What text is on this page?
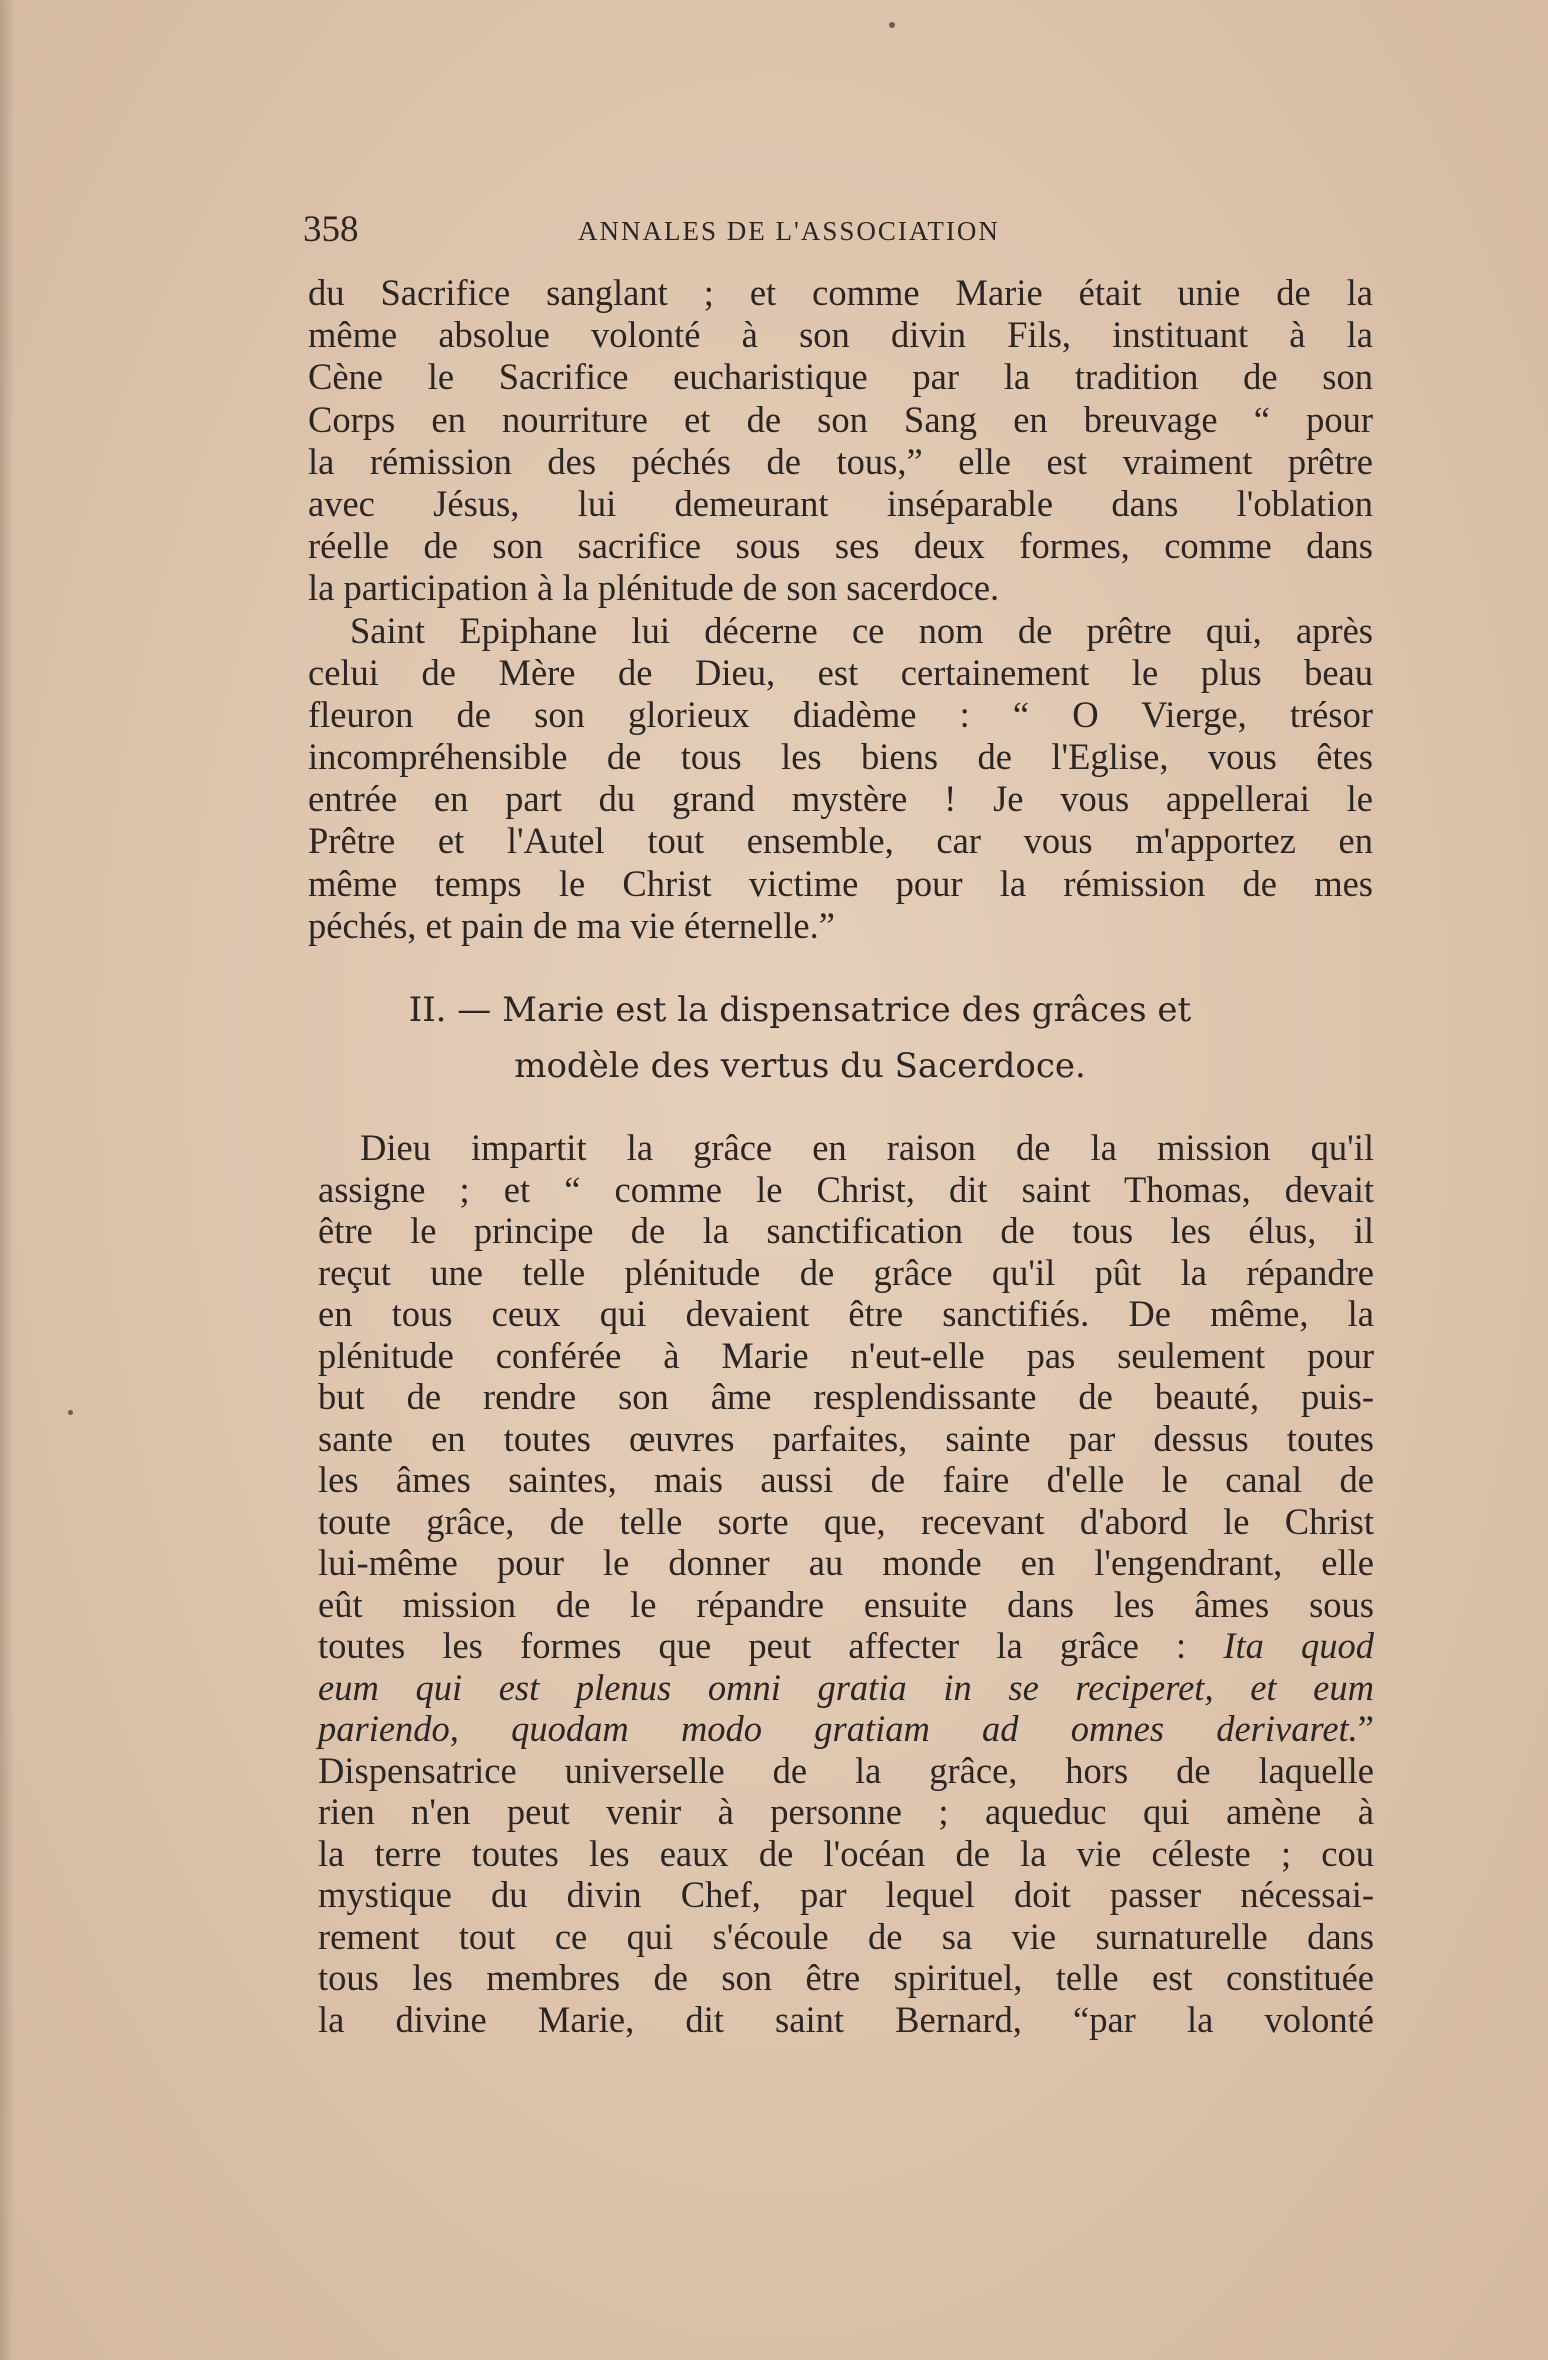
358	ANNALES DE L'ASSOCIATION
du Sacrifice sanglant ; et comme Marie était unie de la
même absolue volonté à son divin Fils, instituant à la
Cène le Sacrifice eucharistique par la tradition de son
Corps en nourriture et de son Sang en breuvage “ pour
la rémission des péchés de tous,” elle est vraiment prêtre
avec Jésus, lui demeurant inséparable dans l'oblation
réelle de son sacrifice sous ses deux formes, comme dans
la participation à la plénitude de son sacerdoce.
Saint Epiphane lui décerne ce nom de prêtre qui, après
celui de Mère de Dieu, est certainement le plus beau
fleuron de son glorieux diadème : “ O Vierge, trésor
incompréhensible de tous les biens de l'Eglise, vous êtes
entrée en part du grand mystère ! Je vous appellerai le
Prêtre et l'Autel tout ensemble, car vous m'apportez en
même temps le Christ victime pour la rémission de mes
péchés, et pain de ma vie éternelle.”
II. — Marie est la dispensatrice des grâces et
modèle des vertus du Sacerdoce.
Dieu impartit la grâce en raison de la mission qu'il
assigne ; et “ comme le Christ, dit saint Thomas, devait
être le principe de la sanctification de tous les élus, il
reçut une telle plénitude de grâce qu'il pût la répandre
en tous ceux qui devaient être sanctifiés. De même, la
plénitude conférée à Marie n'eut-elle pas seulement pour
but de rendre son âme resplendissante de beauté, puis-
sante en toutes œuvres parfaites, sainte par dessus toutes
les âmes saintes, mais aussi de faire d'elle le canal de
toute grâce, de telle sorte que, recevant d'abord le Christ
lui-même pour le donner au monde en l'engendrant, elle
eût mission de le répandre ensuite dans les âmes sous
toutes les formes que peut affecter la grâce : Ita quod
eum qui est plenus omni gratia in se reciperet, et eum
pariendo, quodam modo gratiam ad omnes derivaret.”
Dispensatrice universelle de la grâce, hors de laquelle
rien n'en peut venir à personne ; aqueduc qui amène à
la terre toutes les eaux de l'océan de la vie céleste ; cou
mystique du divin Chef, par lequel doit passer nécessai-
rement tout ce qui s'écoule de sa vie surnaturelle dans
tous les membres de son être spirituel, telle est constituée
la divine Marie, dit saint Bernard, “par la volonté
